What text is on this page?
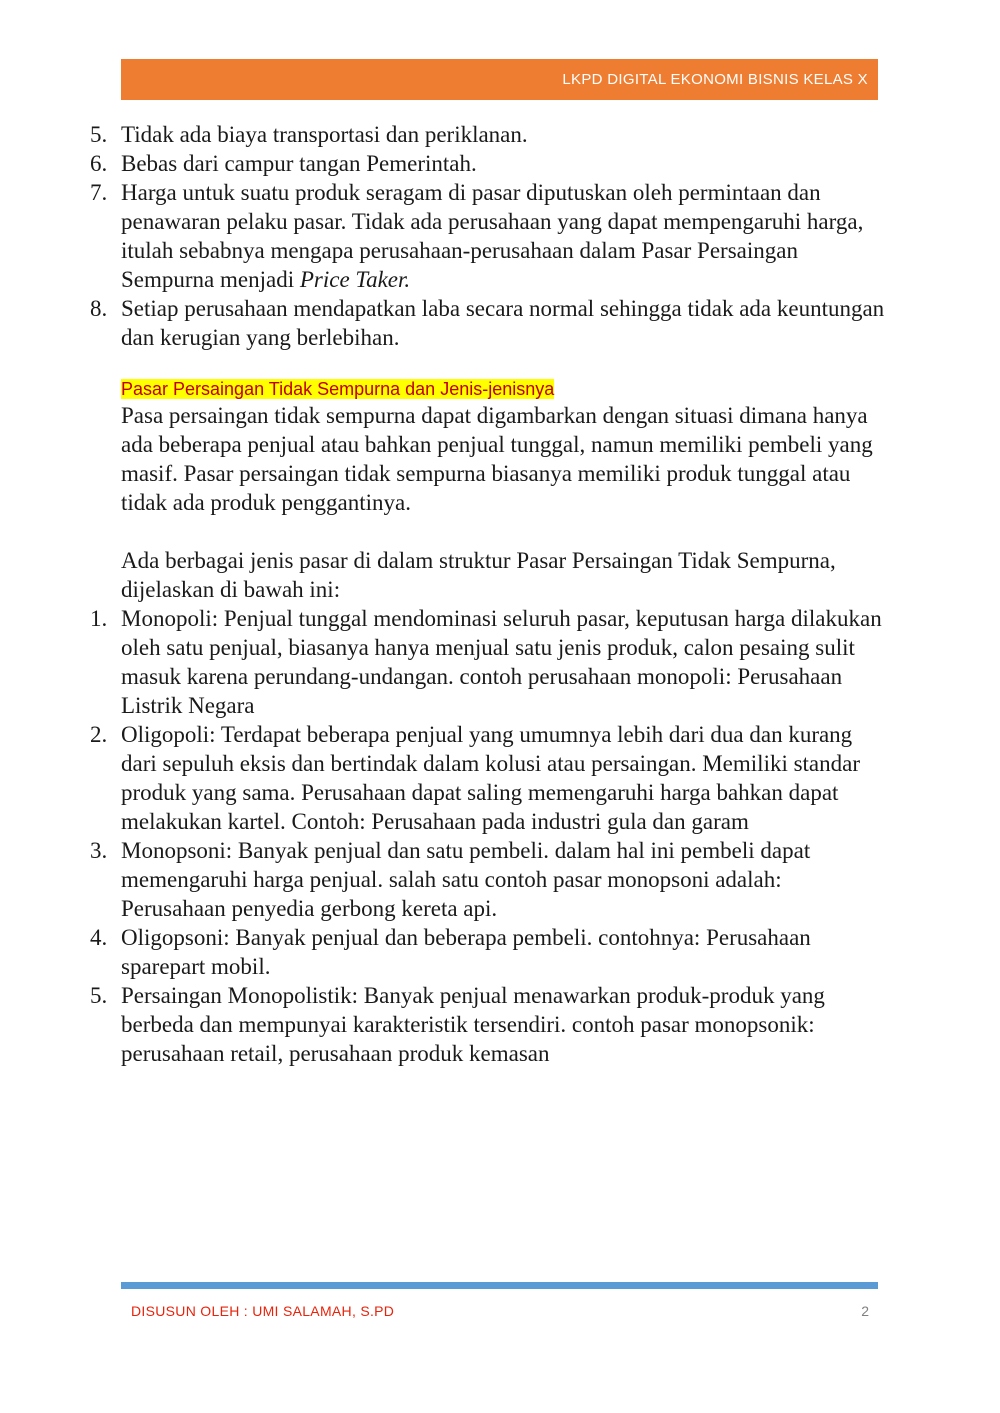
LKPD DIGITAL EKONOMI BISNIS KELAS X
5. Tidak ada biaya transportasi dan periklanan.
6. Bebas dari campur tangan Pemerintah.
7. Harga untuk suatu produk seragam di pasar diputuskan oleh permintaan dan penawaran pelaku pasar. Tidak ada perusahaan yang dapat mempengaruhi harga, itulah sebabnya mengapa perusahaan-perusahaan dalam Pasar Persaingan Sempurna menjadi Price Taker.
8. Setiap perusahaan mendapatkan laba secara normal sehingga tidak ada keuntungan dan kerugian yang berlebihan.
Pasar Persaingan Tidak Sempurna dan Jenis-jenisnya

Pasa persaingan tidak sempurna dapat digambarkan dengan situasi dimana hanya ada beberapa penjual atau bahkan penjual tunggal, namun memiliki pembeli yang masif. Pasar persaingan tidak sempurna biasanya memiliki produk tunggal atau tidak ada produk penggantinya.

Ada berbagai jenis pasar di dalam struktur Pasar Persaingan Tidak Sempurna, dijelaskan di bawah ini:

1. Monopoli: Penjual tunggal mendominasi seluruh pasar, keputusan harga dilakukan oleh satu penjual, biasanya hanya menjual satu jenis produk, calon pesaing sulit masuk karena perundang-undangan. contoh perusahaan monopoli: Perusahaan Listrik Negara
2. Oligopoli: Terdapat beberapa penjual yang umumnya lebih dari dua dan kurang dari sepuluh eksis dan bertindak dalam kolusi atau persaingan. Memiliki standar produk yang sama. Perusahaan dapat saling memengaruhi harga bahkan dapat melakukan kartel. Contoh: Perusahaan pada industri gula dan garam
3. Monopsoni: Banyak penjual dan satu pembeli. dalam hal ini pembeli dapat memengaruhi harga penjual. salah satu contoh pasar monopsoni adalah: Perusahaan penyedia gerbong kereta api.
4. Oligopsoni: Banyak penjual dan beberapa pembeli. contohnya: Perusahaan sparepart mobil.
5. Persaingan Monopolistik: Banyak penjual menawarkan produk-produk yang berbeda dan mempunyai karakteristik tersendiri. contoh pasar monopsonik: perusahaan retail, perusahaan produk kemasan
DISUSUN OLEH : UMI SALAMAH, S.PD	2
